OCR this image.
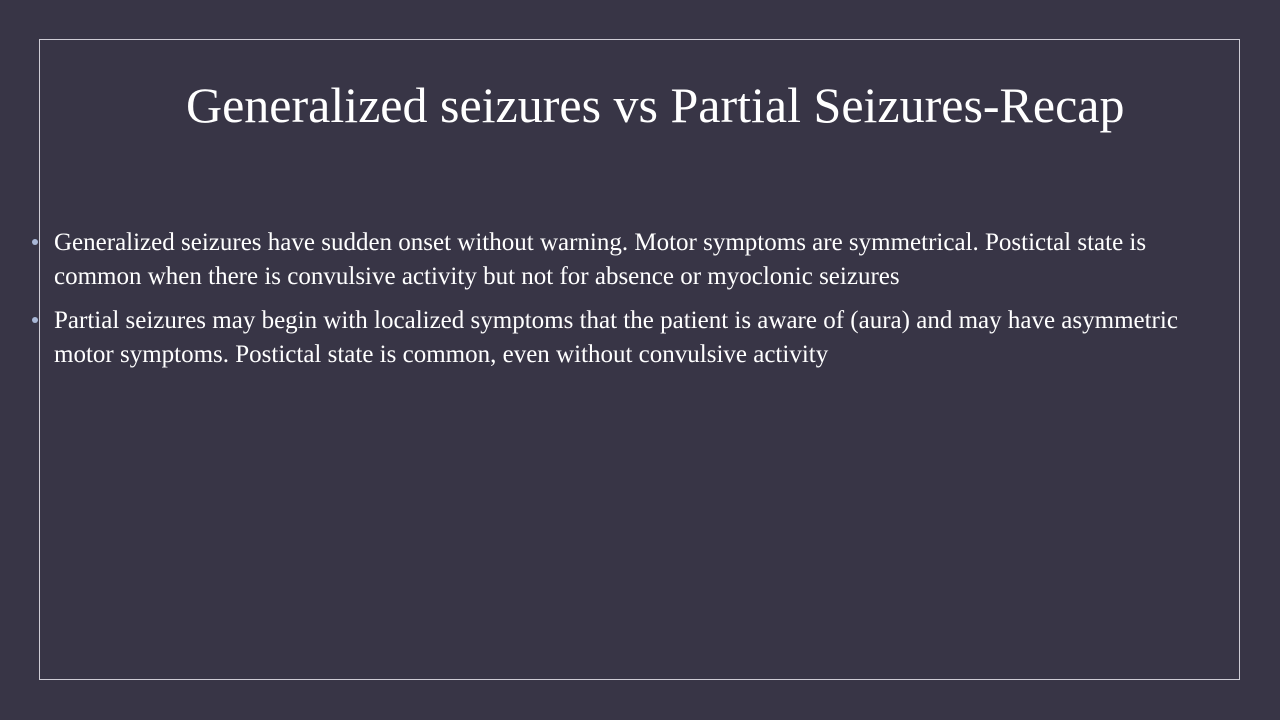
Generalized seizures vs Partial Seizures-Recap
Generalized seizures have sudden onset without warning. Motor symptoms are symmetrical. Postictal state is common when there is convulsive activity but not for absence or myoclonic seizures
Partial seizures may begin with localized symptoms that the patient is aware of (aura) and may have asymmetric motor symptoms. Postictal state is common, even without convulsive activity
